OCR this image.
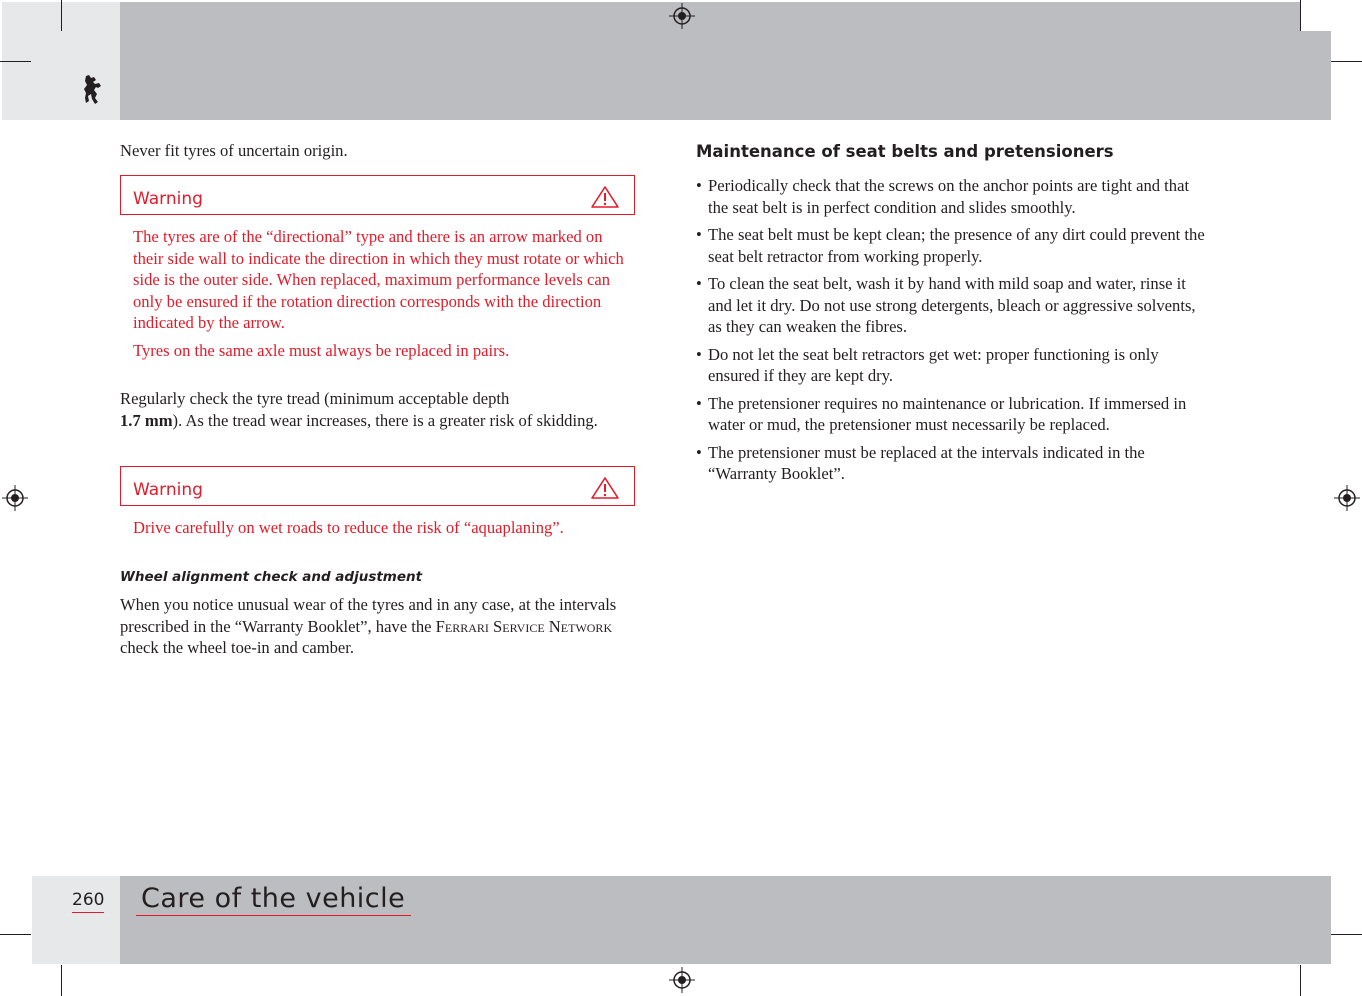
Never fit tyres of uncertain origin.
Warning
The tyres are of the “directional” type and there is an arrow marked on their side wall to indicate the direction in which they must rotate or which side is the outer side. When replaced, maximum performance levels can only be ensured if the rotation direction corresponds with the direction indicated by the arrow.
Tyres on the same axle must always be replaced in pairs.
Regularly check the tyre tread (minimum acceptable depth
1.7 mm). As the tread wear increases, there is a greater risk of skidding.
Warning
Drive carefully on wet roads to reduce the risk of “aquaplaning”.
Wheel alignment check and adjustment
When you notice unusual wear of the tyres and in any case, at the intervals prescribed in the “Warranty Booklet”, have the Ferrari Service Network check the wheel toe-in and camber.
Maintenance of seat belts and pretensioners
• Periodically check that the screws on the anchor points are tight and that the seat belt is in perfect condition and slides smoothly.
• The seat belt must be kept clean; the presence of any dirt could prevent the seat belt retractor from working properly.
• To clean the seat belt, wash it by hand with mild soap and water, rinse it and let it dry. Do not use strong detergents, bleach or aggressive solvents, as they can weaken the fibres.
• Do not let the seat belt retractors get wet: proper functioning is only ensured if they are kept dry.
• The pretensioner requires no maintenance or lubrication. If immersed in water or mud, the pretensioner must necessarily be replaced.
• The pretensioner must be replaced at the intervals indicated in the “Warranty Booklet”.
260 Care of the vehicle
